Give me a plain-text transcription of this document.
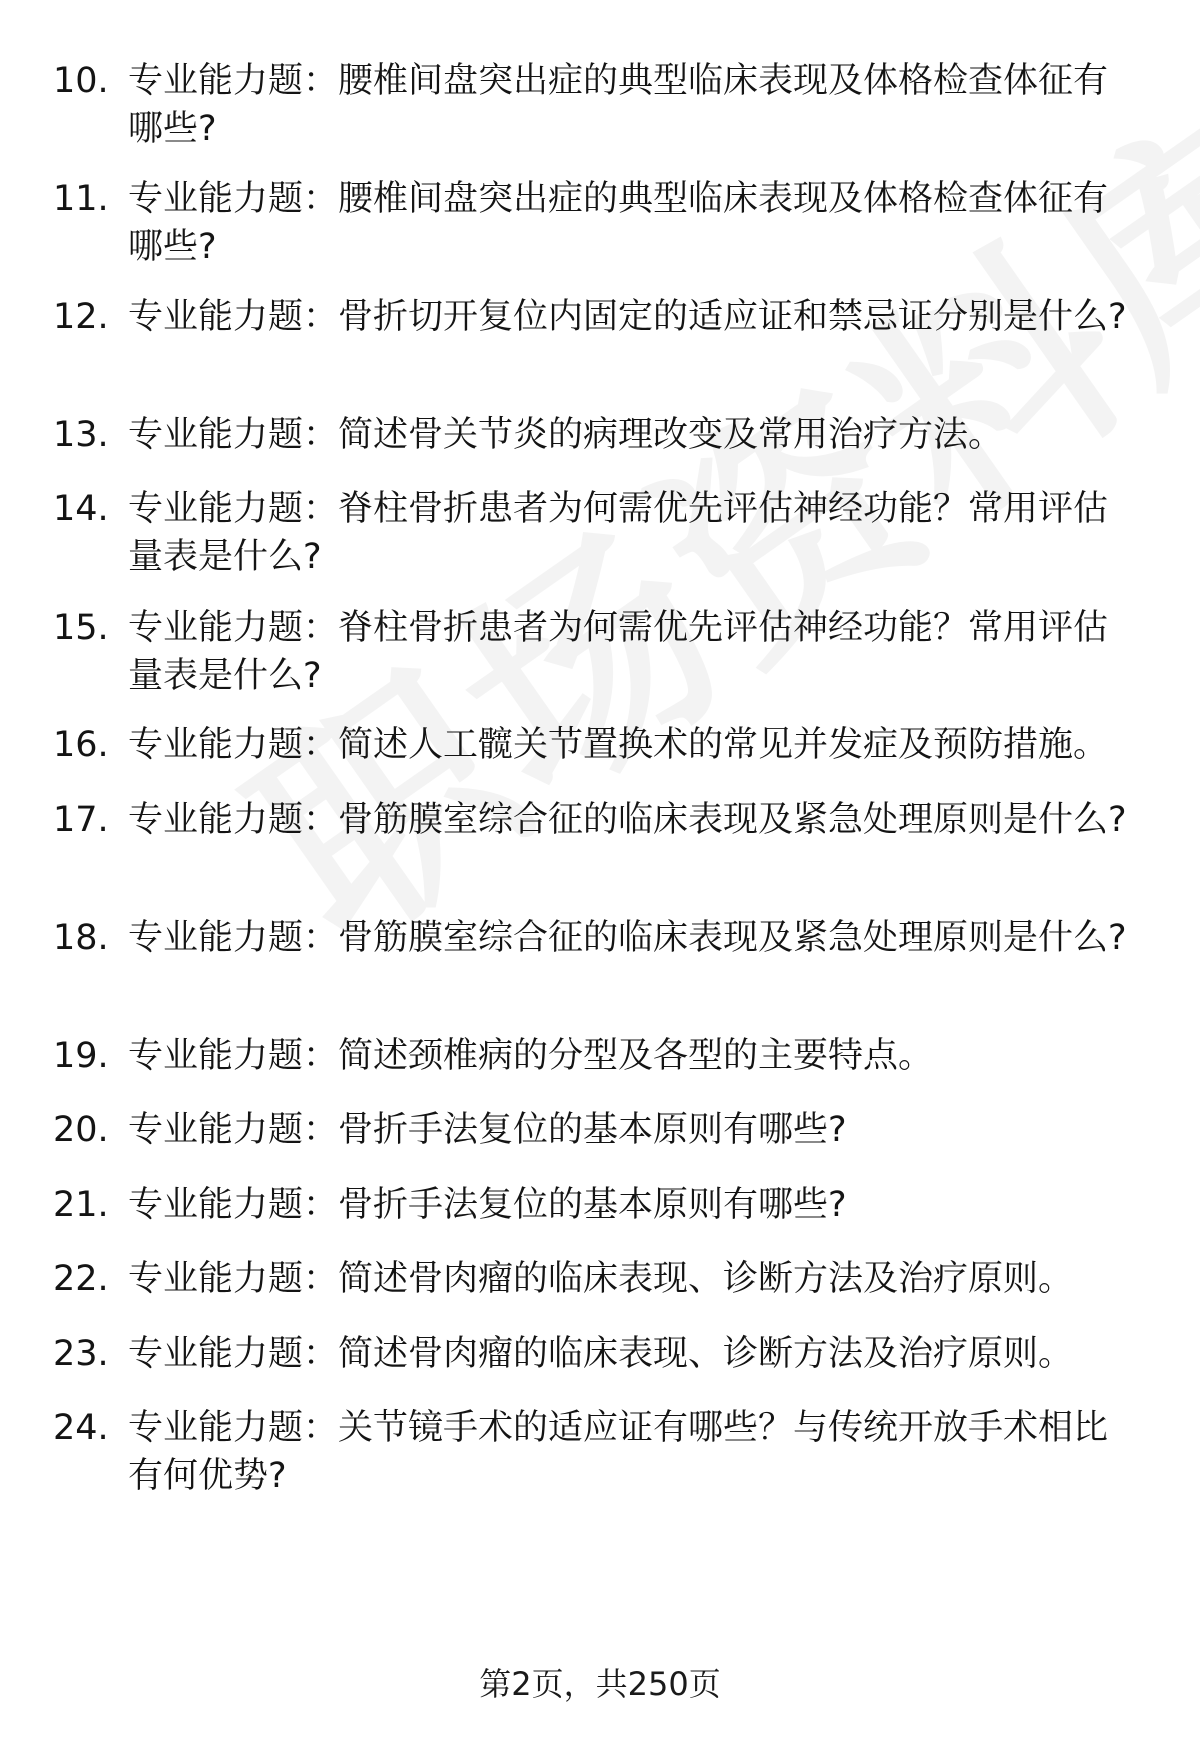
10. 专业能力题：腰椎间盘突出症的典型临床表现及体格检查体征有哪些?
11. 专业能力题：腰椎间盘突出症的典型临床表现及体格检查体征有哪些?
12. 专业能力题：骨折切开复位内固定的适应证和禁忌证分别是什么?
13. 专业能力题：简述骨关节炎的病理改变及常用治疗方法。
14. 专业能力题：脊柱骨折患者为何需优先评估神经功能？常用评估量表是什么?
15. 专业能力题：脊柱骨折患者为何需优先评估神经功能？常用评估量表是什么?
16. 专业能力题：简述人工髋关节置换术的常见并发症及预防措施。
17. 专业能力题：骨筋膜室综合征的临床表现及紧急处理原则是什么?
18. 专业能力题：骨筋膜室综合征的临床表现及紧急处理原则是什么?
19. 专业能力题：简述颈椎病的分型及各型的主要特点。
20. 专业能力题：骨折手法复位的基本原则有哪些?
21. 专业能力题：骨折手法复位的基本原则有哪些?
22. 专业能力题：简述骨肉瘤的临床表现、诊断方法及治疗原则。
23. 专业能力题：简述骨肉瘤的临床表现、诊断方法及治疗原则。
24. 专业能力题：关节镜手术的适应证有哪些？与传统开放手术相比有何优势?
第2页，共250页
